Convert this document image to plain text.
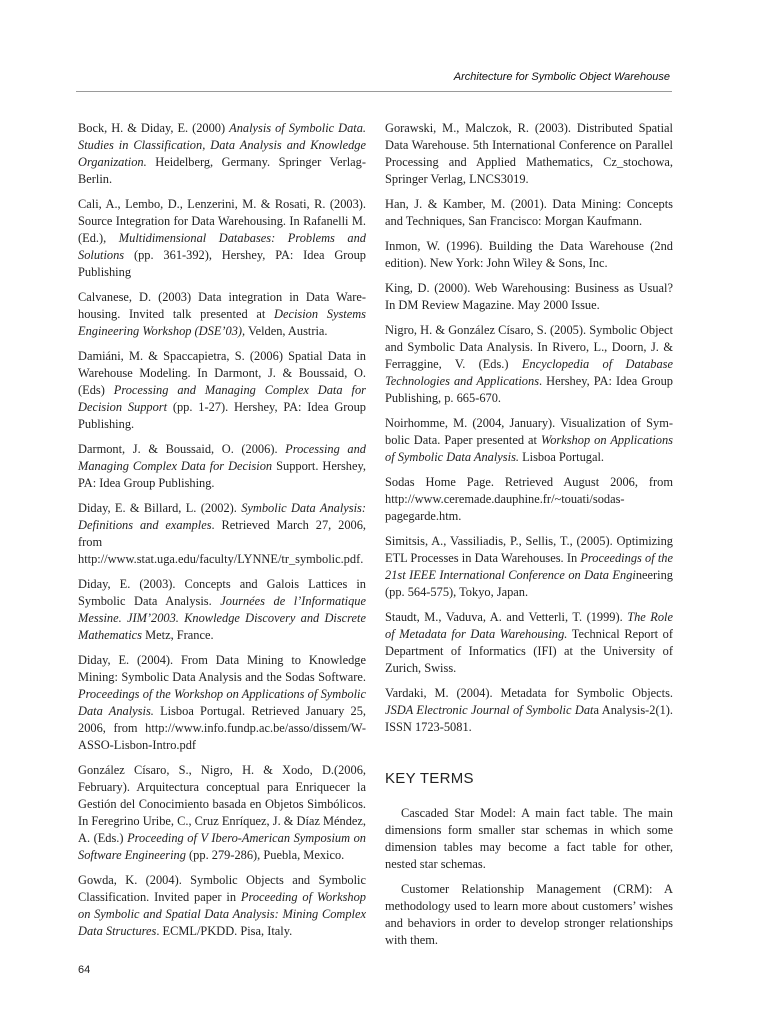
Architecture for Symbolic Object Warehouse

Bock, H. & Diday, E. (2000) Analysis of Symbolic Data. Studies in Classification, Data Analysis and Knowledge Organization. Heidelberg, Germany. Springer Verlag-Berlin.

Cali, A., Lembo, D., Lenzerini, M. & Rosati, R. (2003). Source Integration for Data Warehousing. In Rafanelli M. (Ed.), Multidimensional Databases: Problems and Solutions (pp. 361-392), Hershey, PA: Idea Group Publishing

Calvanese, D. (2003) Data integration in Data Warehousing. Invited talk presented at Decision Systems Engineering Workshop (DSE’03), Velden, Austria.

Damiáni, M. & Spaccapietra, S. (2006) Spatial Data in Warehouse Modeling. In Darmont, J. & Boussaid, O. (Eds) Processing and Managing Complex Data for Decision Support (pp. 1-27). Hershey, PA: Idea Group Publishing.

Darmont, J. & Boussaid, O. (2006). Processing and Managing Complex Data for Decision Support. Hershey, PA: Idea Group Publishing.

Diday, E. & Billard, L. (2002). Symbolic Data Analysis: Definitions and examples. Retrieved March 27, 2006, from http://www.stat.uga.edu/faculty/LYNNE/tr_symbolic.pdf.

Diday, E. (2003). Concepts and Galois Lattices in Symbolic Data Analysis. Journées de l’Informatique Messine. JIM’2003. Knowledge Discovery and Discrete Mathematics Metz, France.

Diday, E. (2004). From Data Mining to Knowledge Mining: Symbolic Data Analysis and the Sodas Software. Proceedings of the Workshop on Applications of Symbolic Data Analysis. Lisboa Portugal. Retrieved January 25, 2006, from http://www.info.fundp.ac.be/asso/dissem/W-ASSO-Lisbon-Intro.pdf

González Císaro, S., Nigro, H. & Xodo, D.(2006, February). Arquitectura conceptual para Enriquecer la Gestión del Conocimiento basada en Objetos Simbólicos. In Feregrino Uribe, C., Cruz Enríquez, J. & Díaz Méndez, A. (Eds.) Proceeding of V Ibero-American Symposium on Software Engineering (pp. 279-286), Puebla, Mexico.

Gowda, K. (2004). Symbolic Objects and Symbolic Classification. Invited paper in Proceeding of Workshop on Symbolic and Spatial Data Analysis: Mining Complex Data Structures. ECML/PKDD. Pisa, Italy.

Gorawski, M., Malczok, R. (2003). Distributed Spatial Data Warehouse. 5th International Conference on Parallel Processing and Applied Mathematics, Cz_stochowa, Springer Verlag, LNCS3019.

Han, J. & Kamber, M. (2001). Data Mining: Concepts and Techniques, San Francisco: Morgan Kaufmann.

Inmon, W. (1996). Building the Data Warehouse (2nd edition). New York: John Wiley & Sons, Inc.

King, D. (2000). Web Warehousing: Business as Usual? In DM Review Magazine. May 2000 Issue.

Nigro, H. & González Císaro, S. (2005). Symbolic Object and Symbolic Data Analysis. In Rivero, L., Doorn, J. & Ferraggine, V. (Eds.) Encyclopedia of Database Technologies and Applications. Hershey, PA: Idea Group Publishing, p. 665-670.

Noirhomme, M. (2004, January). Visualization of Symbolic Data. Paper presented at Workshop on Applications of Symbolic Data Analysis. Lisboa Portugal.

Sodas Home Page. Retrieved August 2006, from http://www.ceremade.dauphine.fr/~touati/sodas-pagegarde.htm.

Simitsis, A., Vassiliadis, P., Sellis, T., (2005). Optimizing ETL Processes in Data Warehouses. In Proceedings of the 21st IEEE International Conference on Data Engineering (pp. 564-575), Tokyo, Japan.

Staudt, M., Vaduva, A. and Vetterli, T. (1999). The Role of Metadata for Data Warehousing. Technical Report of Department of Informatics (IFI) at the University of Zurich, Swiss.

Vardaki, M. (2004). Metadata for Symbolic Objects. JSDA Electronic Journal of Symbolic Data Analysis-2(1). ISSN 1723-5081.

KEY TERMS

Cascaded Star Model: A main fact table. The main dimensions form smaller star schemas in which some dimension tables may become a fact table for other, nested star schemas.

Customer Relationship Management (CRM): A methodology used to learn more about customers’ wishes and behaviors in order to develop stronger relationships with them.

64
